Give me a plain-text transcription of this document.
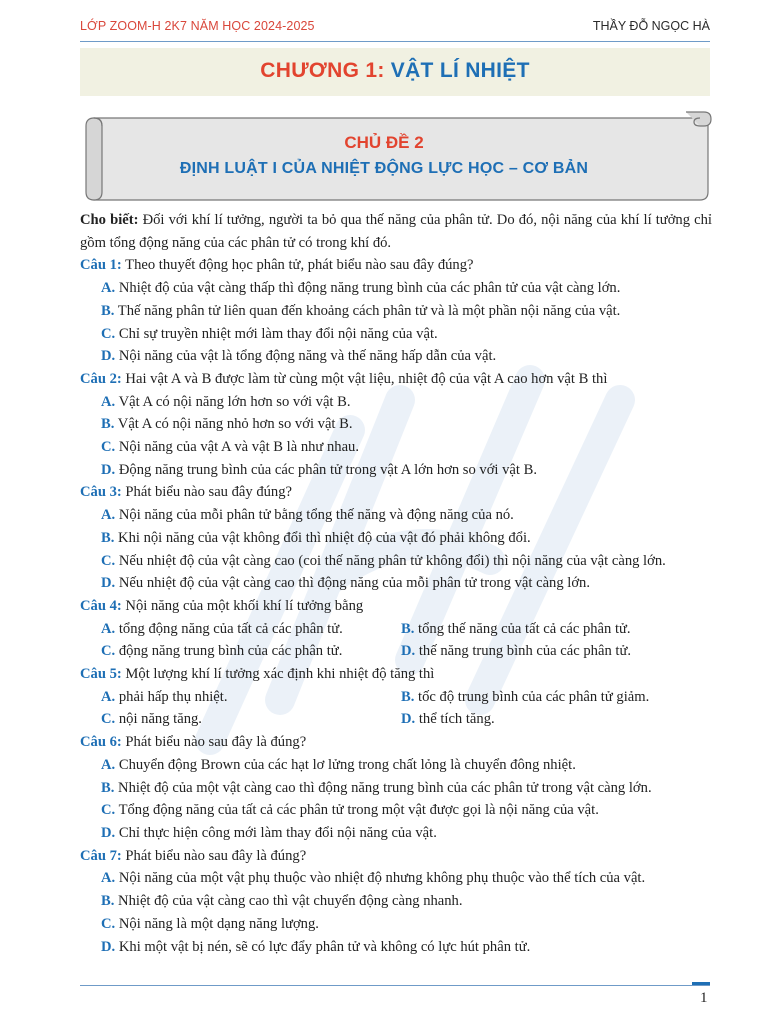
LỚP ZOOM-H 2K7 NĂM HỌC 2024-2025	THẦY ĐỖ NGỌC HÀ
CHƯƠNG 1: VẬT LÍ NHIỆT
CHỦ ĐỀ 2
ĐỊNH LUẬT I CỦA NHIỆT ĐỘNG LỰC HỌC – CƠ BẢN
Cho biết: Đối với khí lí tưởng, người ta bỏ qua thế năng của phân tử. Do đó, nội năng của khí lí tưởng chỉ gồm tổng động năng của các phân tử có trong khí đó.
Câu 1: Theo thuyết động học phân tử, phát biểu nào sau đây đúng?
A. Nhiệt độ của vật càng thấp thì động năng trung bình của các phân tử của vật càng lớn.
B. Thế năng phân tử liên quan đến khoảng cách phân tử và là một phần nội năng của vật.
C. Chỉ sự truyền nhiệt mới làm thay đổi nội năng của vật.
D. Nội năng của vật là tổng động năng và thế năng hấp dẫn của vật.
Câu 2: Hai vật A và B được làm từ cùng một vật liệu, nhiệt độ của vật A cao hơn vật B thì
A. Vật A có nội năng lớn hơn so với vật B.
B. Vật A có nội năng nhỏ hơn so với vật B.
C. Nội năng của vật A và vật B là như nhau.
D. Động năng trung bình của các phân tử trong vật A lớn hơn so với vật B.
Câu 3: Phát biểu nào sau đây đúng?
A. Nội năng của mỗi phân tử bằng tổng thế năng và động năng của nó.
B. Khi nội năng của vật không đổi thì nhiệt độ của vật đó phải không đổi.
C. Nếu nhiệt độ của vật càng cao (coi thế năng phân tử không đổi) thì nội năng của vật càng lớn.
D. Nếu nhiệt độ của vật càng cao thì động năng của mỗi phân tử trong vật càng lớn.
Câu 4: Nội năng của một khối khí lí tưởng bằng
A. tổng động năng của tất cả các phân tử.	B. tổng thế năng của tất cả các phân tử.
C. động năng trung bình của các phân tử.	D. thế năng trung bình của các phân tử.
Câu 5: Một lượng khí lí tưởng xác định khi nhiệt độ tăng thì
A. phải hấp thụ nhiệt.	B. tốc độ trung bình của các phân tử giảm.
C. nội năng tăng.	D. thể tích tăng.
Câu 6: Phát biểu nào sau đây là đúng?
A. Chuyển động Brown của các hạt lơ lửng trong chất lỏng là chuyển đông nhiệt.
B. Nhiệt độ của một vật càng cao thì động năng trung bình của các phân tử trong vật càng lớn.
C. Tổng động năng của tất cả các phân tử trong một vật được gọi là nội năng của vật.
D. Chỉ thực hiện công mới làm thay đổi nội năng của vật.
Câu 7: Phát biểu nào sau đây là đúng?
A. Nội năng của một vật phụ thuộc vào nhiệt độ nhưng không phụ thuộc vào thể tích của vật.
B. Nhiệt độ của vật càng cao thì vật chuyển động càng nhanh.
C. Nội năng là một dạng năng lượng.
D. Khi một vật bị nén, sẽ có lực đẩy phân tử và không có lực hút phân tử.
1
